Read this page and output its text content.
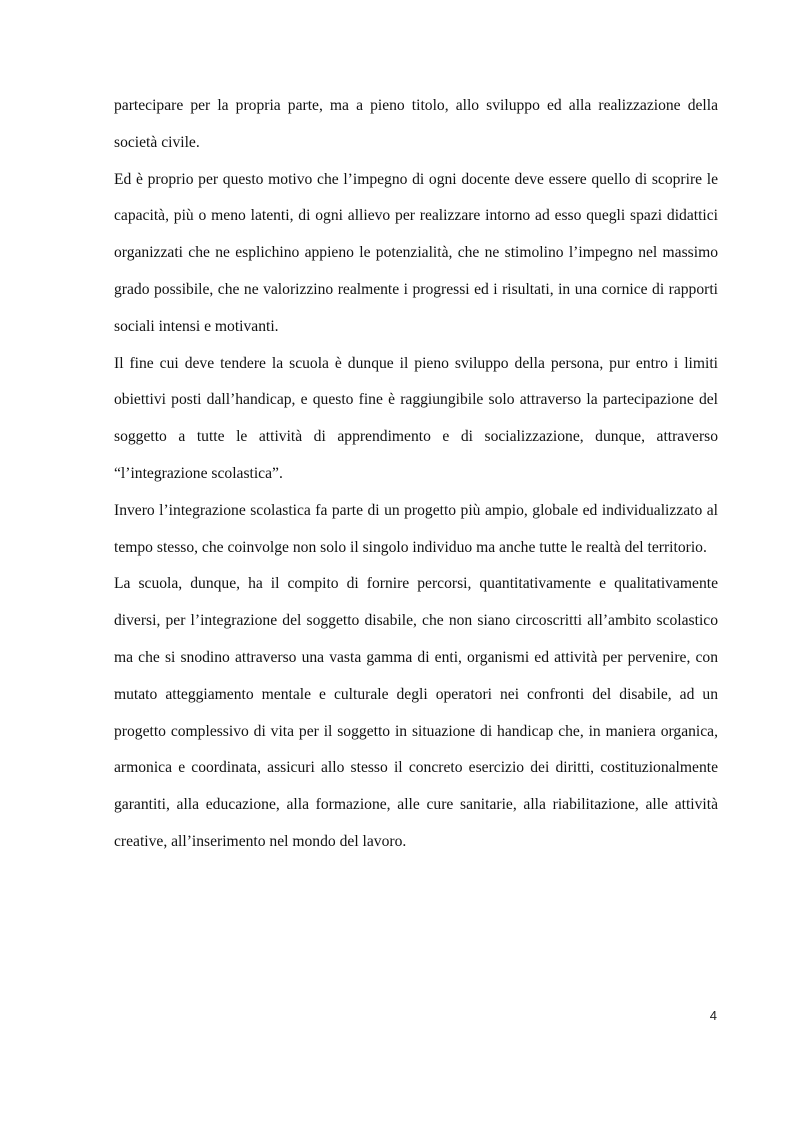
partecipare per la propria parte, ma a pieno titolo, allo sviluppo ed alla realizzazione della società civile.

Ed è proprio per questo motivo che l’impegno di ogni docente deve essere quello di scoprire le capacità, più o meno latenti, di ogni allievo per realizzare intorno ad esso quegli spazi didattici organizzati che ne esplichino appieno le potenzialità, che ne stimolino l’impegno nel massimo grado possibile, che ne valorizzino realmente i progressi ed i risultati, in una cornice di rapporti sociali intensi e motivanti.

Il fine cui deve tendere la scuola è dunque il pieno sviluppo della persona, pur entro i limiti obiettivi posti dall’handicap, e questo fine è raggiungibile solo attraverso la partecipazione del soggetto a tutte le attività di apprendimento e di socializzazione, dunque, attraverso “l’integrazione scolastica”.

Invero l’integrazione scolastica fa parte di un progetto più ampio, globale ed individualizzato al tempo stesso, che coinvolge non solo il singolo individuo ma anche tutte le realtà del territorio.

La scuola, dunque, ha il compito di fornire percorsi, quantitativamente e qualitativamente diversi, per l’integrazione del soggetto disabile, che non siano circoscritti all’ambito scolastico ma che si snodino attraverso una vasta gamma di enti, organismi ed attività per pervenire, con mutato atteggiamento mentale e culturale degli operatori nei confronti del disabile, ad un progetto complessivo di vita per il soggetto in situazione di handicap che, in maniera organica, armonica e coordinata, assicuri allo stesso il concreto esercizio dei diritti, costituzionalmente garantiti, alla educazione, alla formazione, alle cure sanitarie, alla riabilitazione, alle attività creative, all’inserimento nel mondo del lavoro.

4
